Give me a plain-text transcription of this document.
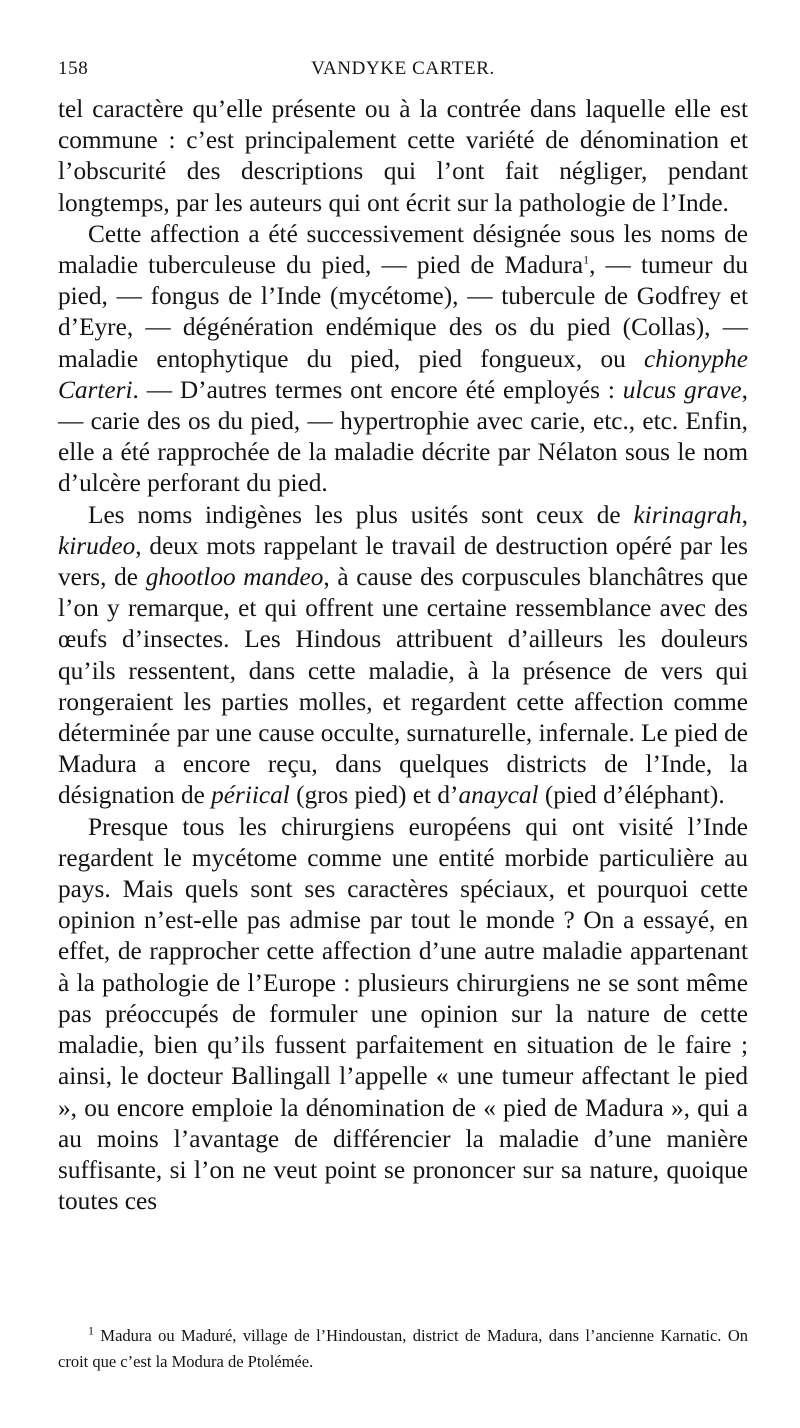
158	VANDYKE CARTER.

tel caractère qu’elle présente ou à la contrée dans laquelle elle est commune : c’est principalement cette variété de dénomination et l’obscurité des descriptions qui l’ont fait négliger, pendant longtemps, par les auteurs qui ont écrit sur la pathologie de l’Inde.

Cette affection a été successivement désignée sous les noms de maladie tuberculeuse du pied, — pied de Madura$^1$, — tumeur du pied, — fongus de l’Inde (mycétome), — tubercule de Godfrey et d’Eyre, — dégénération endémique des os du pied (Collas), — maladie entophytique du pied, pied fongueux, ou chionyphe Carteri. — D’autres termes ont encore été employés : ulcus grave, — carie des os du pied, — hypertrophie avec carie, etc., etc. Enfin, elle a été rapprochée de la maladie décrite par Nélaton sous le nom d’ulcère perforant du pied.

Les noms indigènes les plus usités sont ceux de kirinagrah, kirudeo, deux mots rappelant le travail de destruction opéré par les vers, de ghootloo mandeo, à cause des corpuscules blanchâtres que l’on y remarque, et qui offrent une certaine ressemblance avec des œufs d’insectes. Les Hindous attribuent d’ailleurs les douleurs qu’ils ressentent, dans cette maladie, à la présence de vers qui rongeraient les parties molles, et regardent cette affection comme déterminée par une cause occulte, surnaturelle, infernale. Le pied de Madura a encore reçu, dans quelques districts de l’Inde, la désignation de périical (gros pied) et d’anaycal (pied d’éléphant).

Presque tous les chirurgiens européens qui ont visité l’Inde regardent le mycétome comme une entité morbide particulière au pays. Mais quels sont ses caractères spéciaux, et pourquoi cette opinion n’est-elle pas admise par tout le monde ? On a essayé, en effet, de rapprocher cette affection d’une autre maladie appartenant à la pathologie de l’Europe : plusieurs chirurgiens ne se sont même pas préoccupés de formuler une opinion sur la nature de cette maladie, bien qu’ils fussent parfaitement en situation de le faire ; ainsi, le docteur Ballingall l’appelle « une tumeur affectant le pied », ou encore emploie la dénomination de « pied de Madura », qui a au moins l’avantage de différencier la maladie d’une manière suffisante, si l’on ne veut point se prononcer sur sa nature, quoique toutes ces

$^1$ Madura ou Maduré, village de l’Hindoustan, district de Madura, dans l’ancienne Karnatic. On croit que c’est la Modura de Ptolémée.
